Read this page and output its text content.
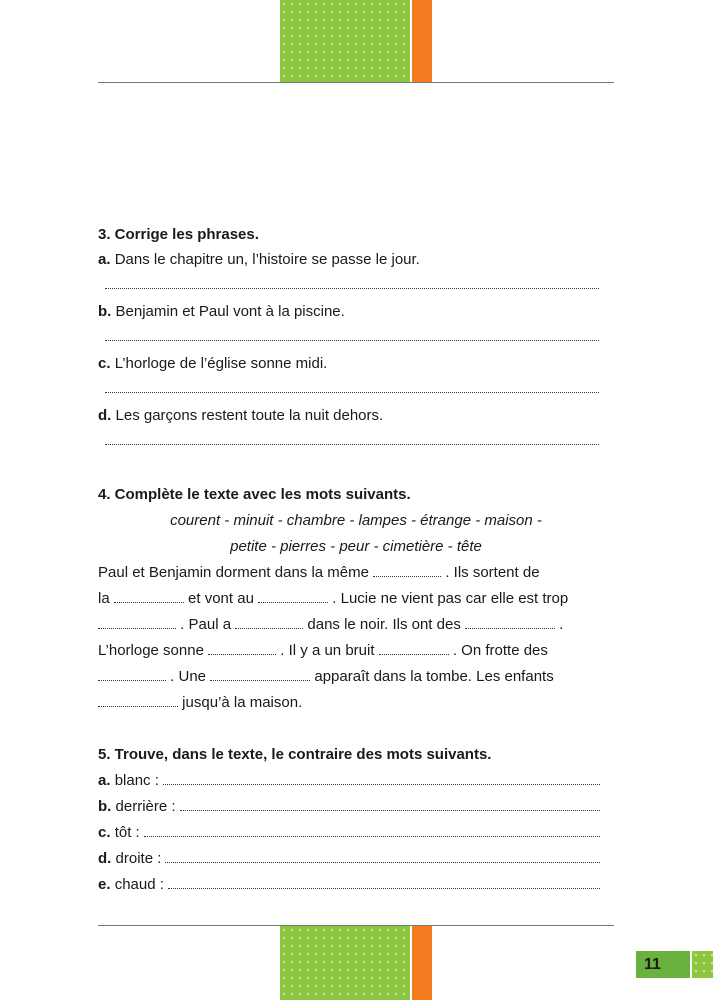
3. Corrige les phrases.
a. Dans le chapitre un, l’histoire se passe le jour.
b. Benjamin et Paul vont à la piscine.
c. L’horloge de l’église sonne midi.
d. Les garçons restent toute la nuit dehors.
4. Complète le texte avec les mots suivants.
courent - minuit - chambre - lampes - étrange - maison -
petite - pierres - peur - cimetière - tête
Paul et Benjamin dorment dans la même	. Ils sortent de
la	et vont au	. Lucie ne vient pas car elle est trop
. Paul a	dans le noir. Ils ont des	.
L’horloge sonne	. Il y a un bruit	. On frotte des
. Une	apparaît dans la tombe. Les enfants
jusqu’à la maison.
5. Trouve, dans le texte, le contraire des mots suivants.
a. blanc :
b. derrière :
c. tôt :
d. droite :
e. chaud :
11
